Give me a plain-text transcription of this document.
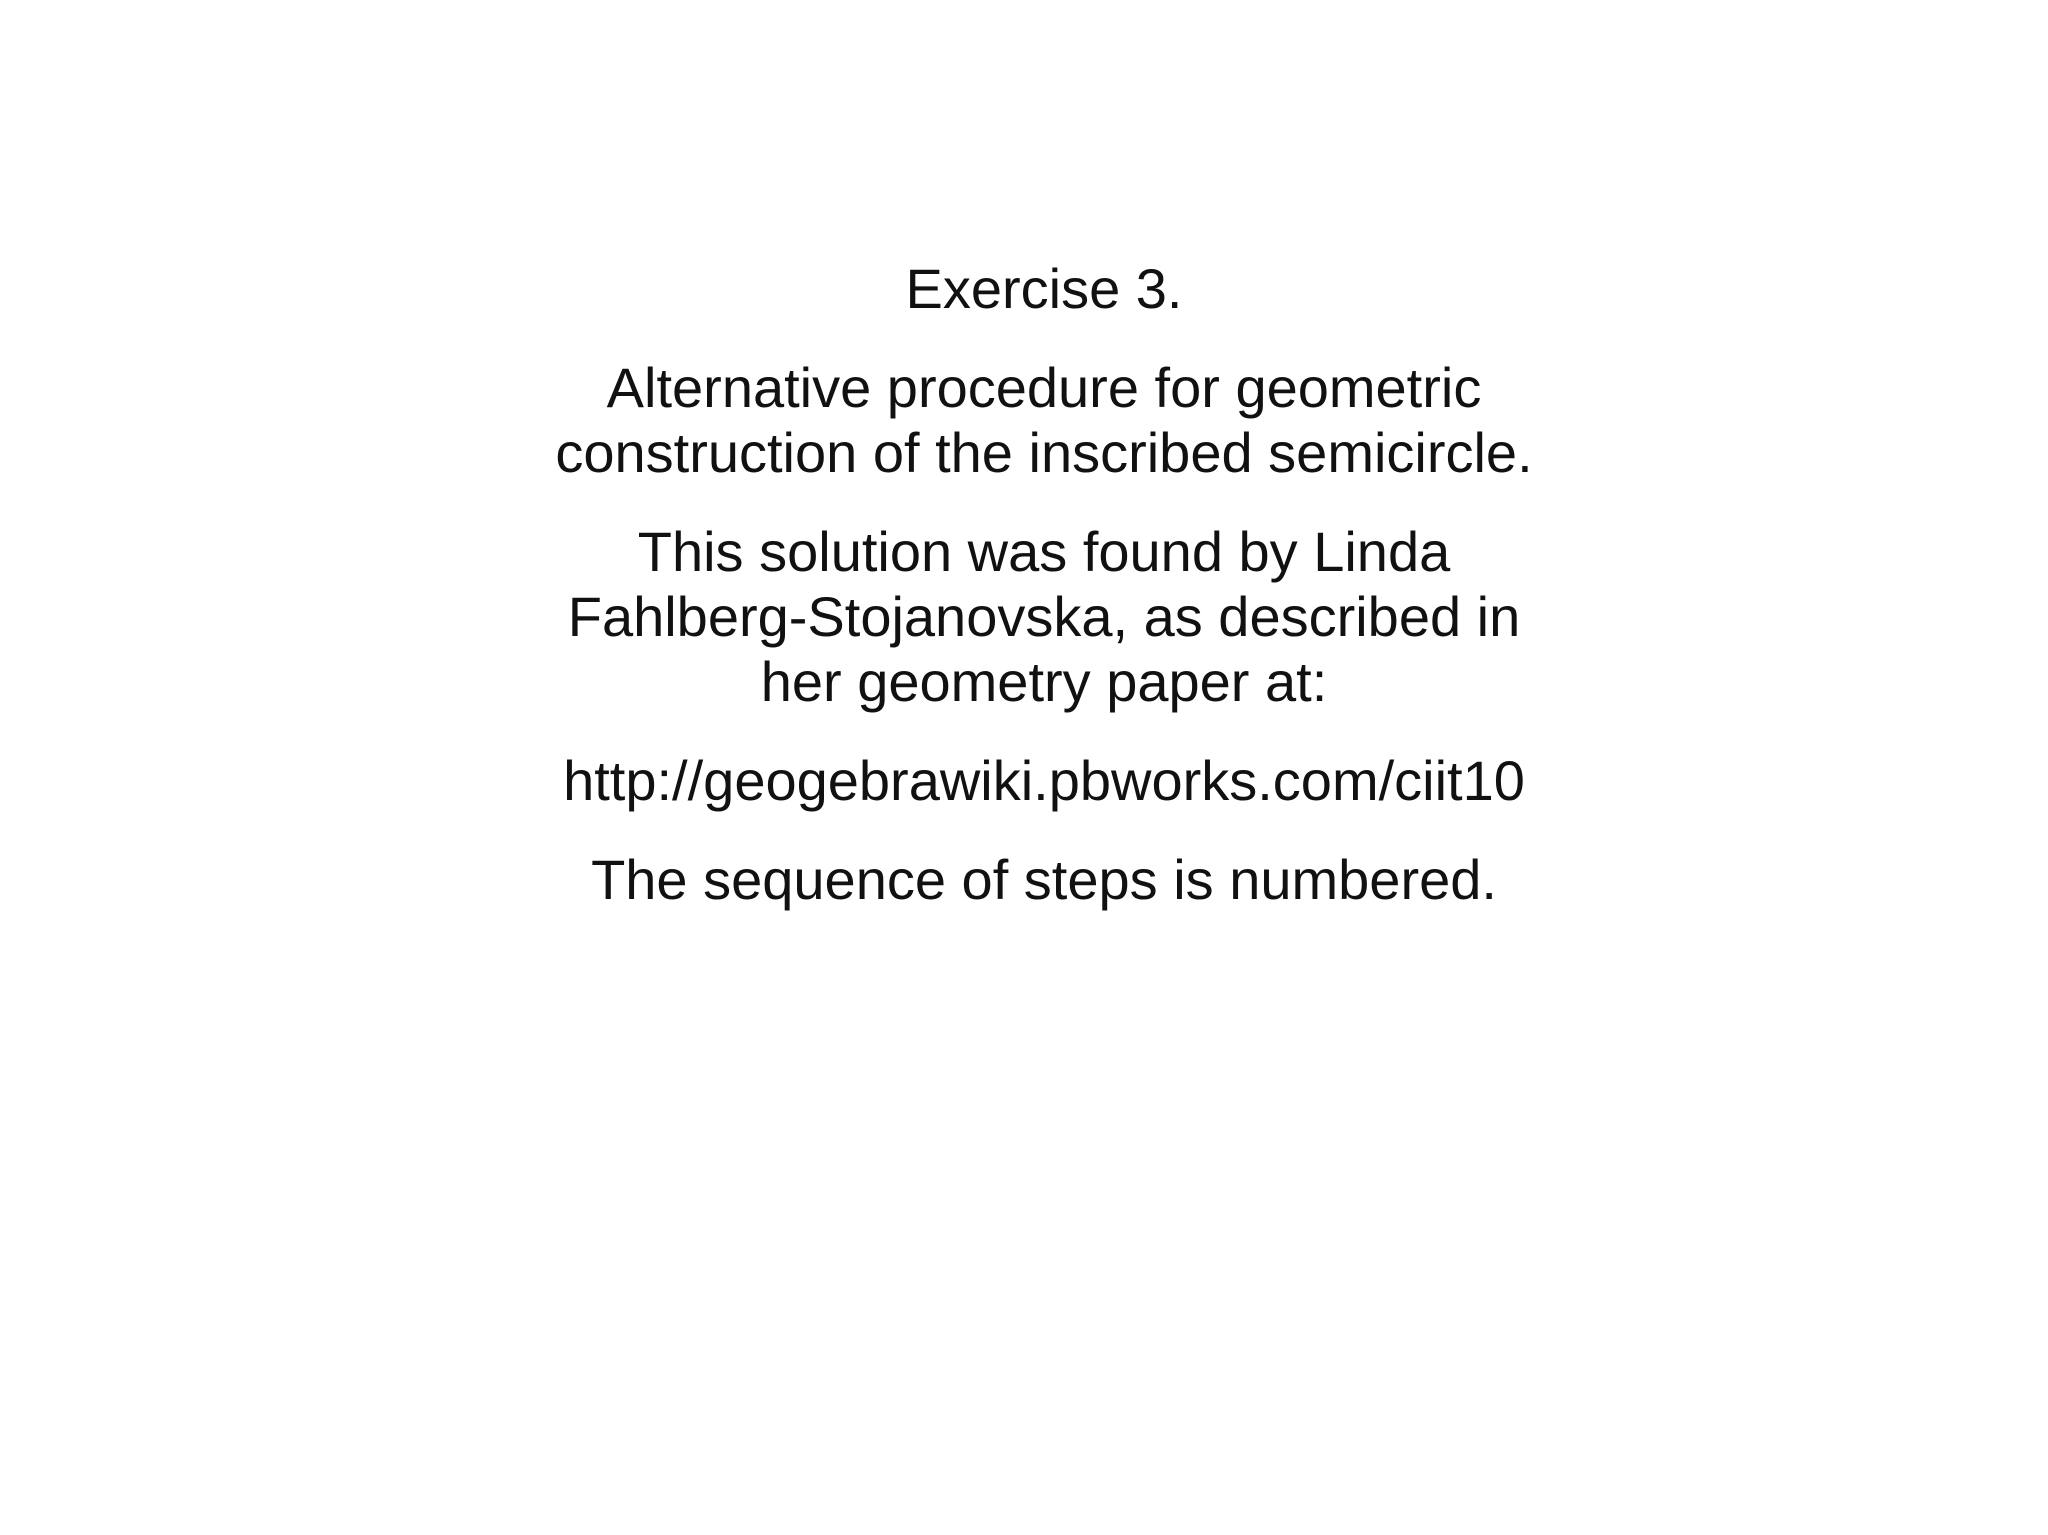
Exercise 3.

Alternative procedure for geometric
construction of the inscribed semicircle.

This solution was found by Linda
Fahlberg-Stojanovska, as described in
her geometry paper at:

http://geogebrawiki.pbworks.com/ciit10

The sequence of steps is numbered.
